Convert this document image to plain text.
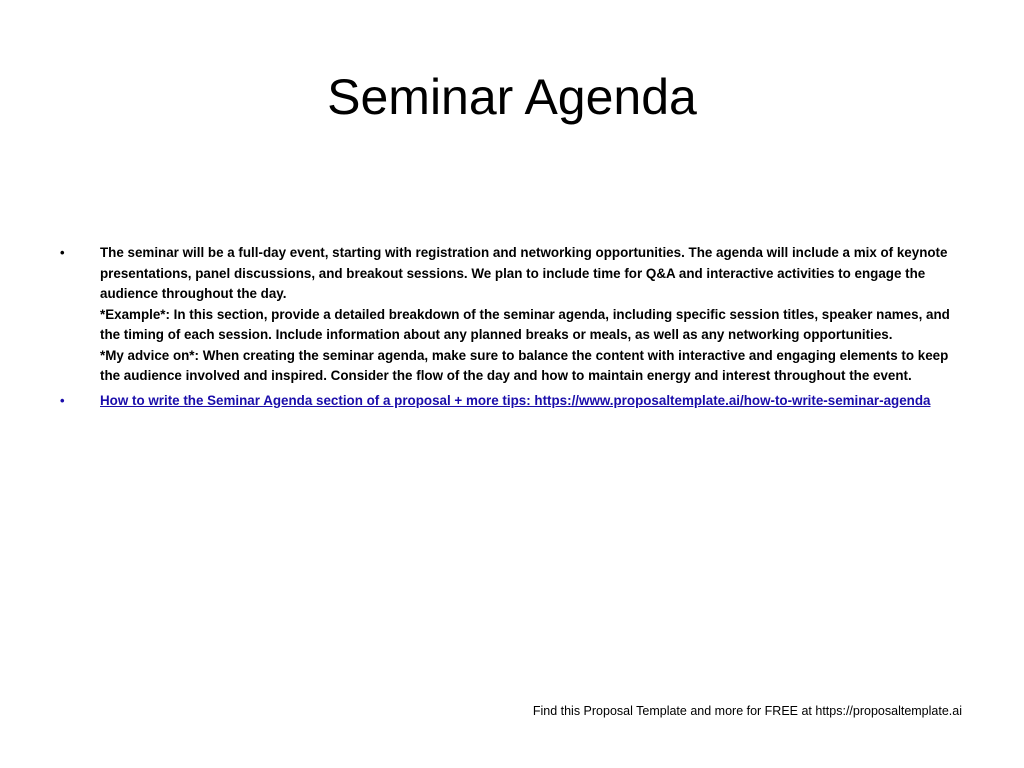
Seminar Agenda
•	The seminar will be a full-day event, starting with registration and networking opportunities. The agenda will include a mix of keynote presentations, panel discussions, and breakout sessions. We plan to include time for Q&A and interactive activities to engage the audience throughout the day.
*Example*: In this section, provide a detailed breakdown of the seminar agenda, including specific session titles, speaker names, and the timing of each session. Include information about any planned breaks or meals, as well as any networking opportunities.
*My advice on*: When creating the seminar agenda, make sure to balance the content with interactive and engaging elements to keep the audience involved and inspired. Consider the flow of the day and how to maintain energy and interest throughout the event.
•	How to write the Seminar Agenda section of a proposal + more tips: https://www.proposaltemplate.ai/how-to-write-seminar-agenda
Find this Proposal Template and more for FREE at https://proposaltemplate.ai
